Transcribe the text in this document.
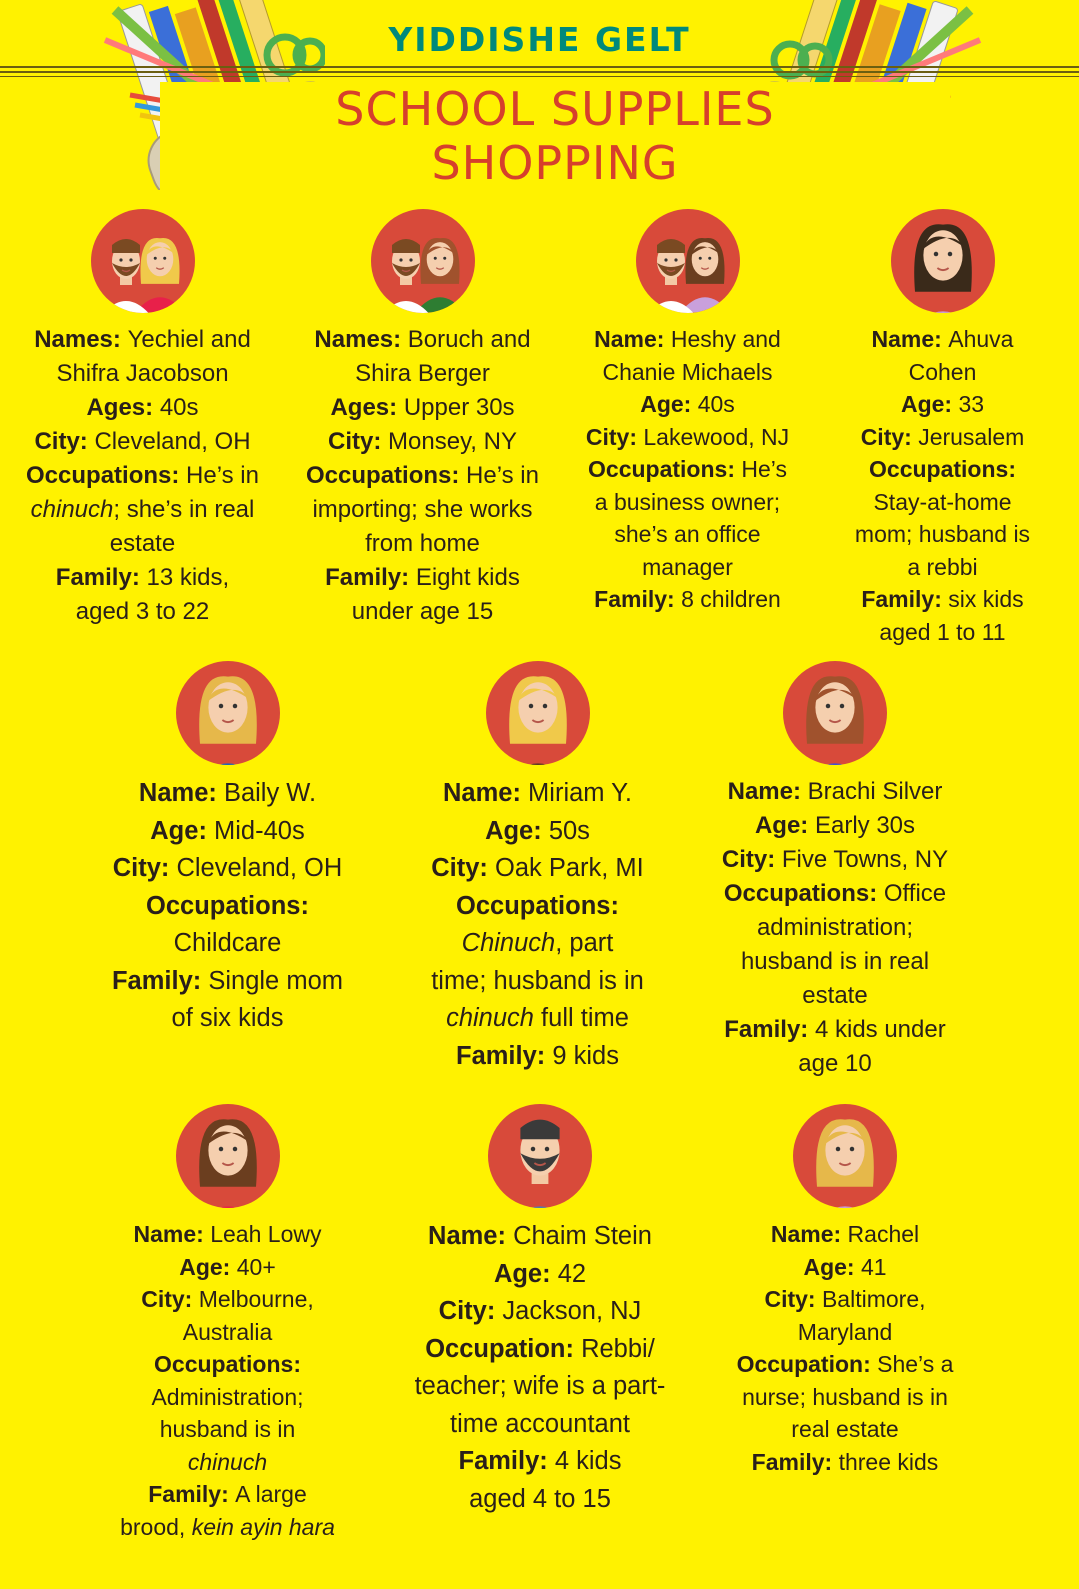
YIDDISHE GELT
SCHOOL SUPPLIES
SHOPPING
Names: Yechiel and
Shifra Jacobson
Ages: 40s
City: Cleveland, OH
Occupations: He’s in
chinuch; she’s in real
estate
Family: 13 kids,
aged 3 to 22
Names: Boruch and
Shira Berger
Ages: Upper 30s
City: Monsey, NY
Occupations: He’s in
importing; she works
from home
Family: Eight kids
under age 15
Name: Heshy and
Chanie Michaels
Age: 40s
City: Lakewood, NJ
Occupations: He’s
a business owner;
she’s an office
manager
Family: 8 children
Name: Ahuva
Cohen
Age: 33
City: Jerusalem
Occupations:
Stay-at-home
mom; husband is
a rebbi
Family: six kids
aged 1 to 11
Name: Baily W.
Age: Mid-40s
City: Cleveland, OH
Occupations:
Childcare
Family: Single mom
of six kids
Name: Miriam Y.
Age: 50s
City: Oak Park, MI
Occupations:
Chinuch, part
time; husband is in
chinuch full time
Family: 9 kids
Name: Brachi Silver
Age: Early 30s
City: Five Towns, NY
Occupations: Office
administration;
husband is in real
estate
Family: 4 kids under
age 10
Name: Leah Lowy
Age: 40+
City: Melbourne,
Australia
Occupations:
Administration;
husband is in
chinuch
Family: A large
brood, kein ayin hara
Name: Chaim Stein
Age: 42
City: Jackson, NJ
Occupation: Rebbi/
teacher; wife is a part-
time accountant
Family: 4 kids
aged 4 to 15
Name: Rachel
Age: 41
City: Baltimore,
Maryland
Occupation: She’s a
nurse; husband is in
real estate
Family: three kids
